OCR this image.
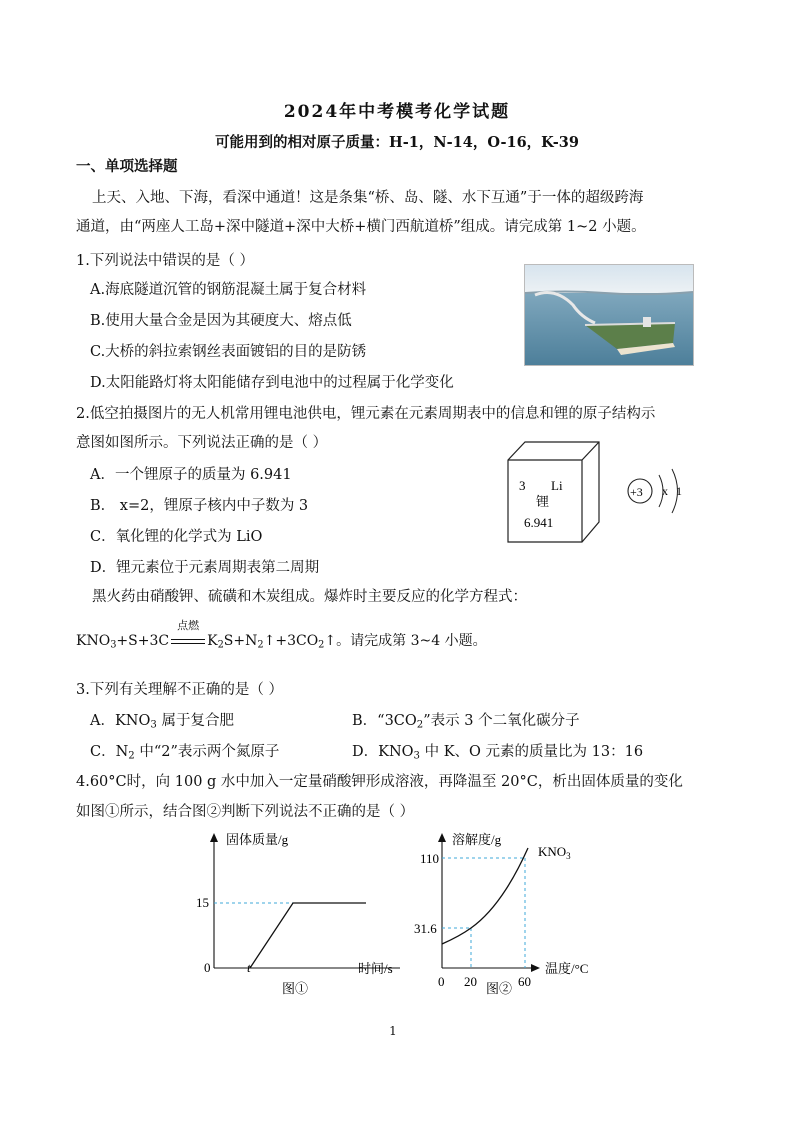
2024年中考模考化学试题
可能用到的相对原子质量：H-1，N-14，O-16，K-39
一、单项选择题
上天、入地、下海，看深中通道！这是条集“桥、岛、隧、水下互通”于一体的超级跨海
通道，由“两座人工岛+深中隧道+深中大桥+横门西航道桥”组成。请完成第 1~2 小题。
1.下列说法中错误的是（ ）
A.海底隧道沉管的钢筋混凝土属于复合材料
B.使用大量合金是因为其硬度大、熔点低
C.大桥的斜拉索钢丝表面镀铝的目的是防锈
D.太阳能路灯将太阳能储存到电池中的过程属于化学变化
2.低空拍摄图片的无人机常用锂电池供电，锂元素在元素周期表中的信息和锂的原子结构示
意图如图所示。下列说法正确的是（ ）
A．一个锂原子的质量为 6.941
B． x=2，锂原子核内中子数为 3
C．氧化锂的化学式为 LiO
D．锂元素位于元素周期表第二周期
3 Li
锂
6.941
+3 x 1
黑火药由硝酸钾、硫磺和木炭组成。爆炸时主要反应的化学方程式：
$KNO_3+S+3C$
点燃
$K_2S+N_2↑+3CO_2↑$。请完成第 3~4 小题。
3.下列有关理解不正确的是（ ）
A．$KNO_3$ 属于复合肥	B．“$3CO_2$”表示 3 个二氧化碳分子
C．$N_2$ 中“2”表示两个氮原子	D．$KNO_3$ 中 K、O 元素的质量比为 13：16
4.60°C时，向 100 g 水中加入一定量硝酸钾形成溶液，再降温至 20°C，析出固体质量的变化
如图①所示，结合图②判断下列说法不正确的是（ ）
固体质量/g
时间/s
15
0	t
图①
溶解度/g
温度/°C
110
31.6
0 20	60
$KNO_3$
图②
1
